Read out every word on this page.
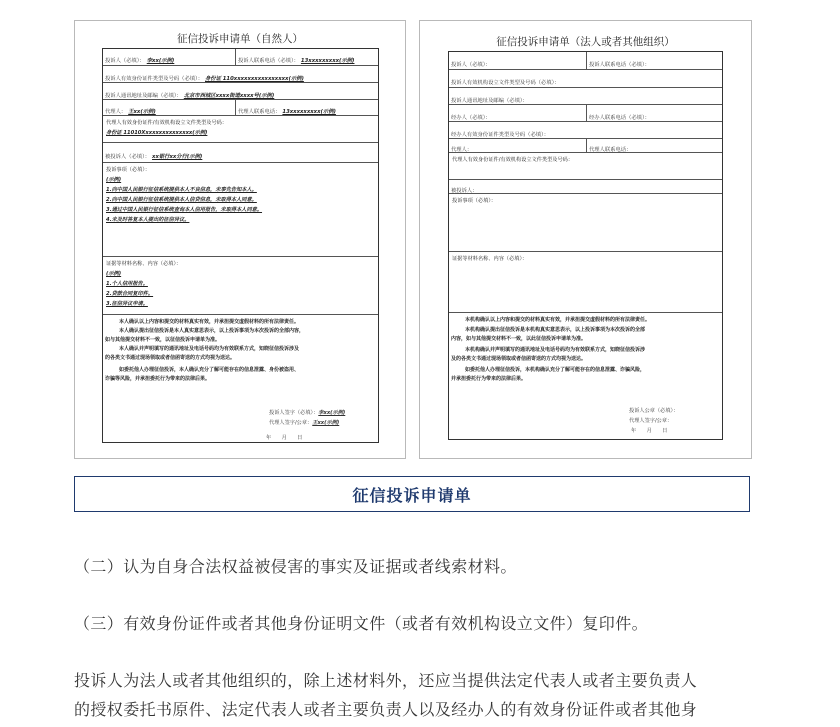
征信投诉申请单（自然人）
投诉人（必填）： 李xx(示例)	投诉人联系电话（必填）： 13xxxxxxxxx(示例)
投诉人有效身份证件类型及号码（必填）： 身份证 110xxxxxxxxxxxxxxxx(示例)
投诉人通讯地址及邮编（必填）： 北京市西城区xxxx街道xxxx号(示例)
代理人： 王xx(示例)	代理人联系电话： 13xxxxxxxxx(示例)
代理人有效身份证件/有效机构设立文件类型及号码：
身份证 11010Xxxxxxxxxxxxxxx(示例)
被投诉人（必填）： xx银行xx分行(示例)
投诉事项（必填）：
(示例)
1.向中国人民银行征信系统提供本人不良信息，未事先告知本人。
2.向中国人民银行征信系统提供本人信贷信息，未取得本人同意。
3.通过中国人民银行征信系统查询本人信用报告，未取得本人同意。
4.未及时答复本人提出的征信异议。
证据等材料名称、内容（必填）：
(示例)
1.个人信用报告。
2.贷款合同复印件。
3.征信异议申请。
本人确认以上内容和提交的材料真实有效，并承担提交虚假材料的所有法律责任。
本人确认提出征信投诉是本人真实意思表示，以上投诉事项为本次投诉的全部内容，
如与其他提交材料不一致，以征信投诉申请单为准。
本人确认并声明填写的通讯地址及电话号码均为有效联系方式，知晓征信投诉涉及
的各类文书通过现场领取或者信函寄送的方式均视为送达。
如委托他人办理征信投诉，本人确认充分了解可能存在的信息泄露、身份被盗用、
诈骗等风险，并承担委托行为带来的法律后果。
投诉人签字（必填）：李xx(示例)
代理人签字/公章：王xx(示例)
年　　月　　日
征信投诉申请单（法人或者其他组织）
投诉人（必填）：	投诉人联系电话（必填）：
投诉人有效机构设立文件类型及号码（必填）：
投诉人通讯地址及邮编（必填）：
经办人（必填）：	经办人联系电话（必填）：
经办人有效身份证件类型及号码（必填）：
代理人：	代理人联系电话：
代理人有效身份证件/有效机构设立文件类型及号码：
被投诉人：
投诉事项（必填）：
证据等材料名称、内容（必填）：
本机构确认以上内容和提交的材料真实有效，并承担提交虚假材料的所有法律责任。
本机构确认提出征信投诉是本机构真实意思表示，以上投诉事项为本次投诉的全部
内容，如与其他提交材料不一致，以此征信投诉申请单为准。
本机构确认并声明填写的通讯地址及电话号码均为有效联系方式，知晓征信投诉涉
及的各类文书通过现场领取或者信函寄送的方式均视为送达。
如委托他人办理征信投诉，本机构确认充分了解可能存在的信息泄露、诈骗风险，
并承担委托行为带来的法律后果。
投诉人公章（必填）：
代理人签字/公章：
年　　月　　日
征信投诉申请单
（二）认为自身合法权益被侵害的事实及证据或者线索材料。
（三）有效身份证件或者其他身份证明文件（或者有效机构设立文件）复印件。
投诉人为法人或者其他组织的，除上述材料外，还应当提供法定代表人或者主要负责人
的授权委托书原件、法定代表人或者主要负责人以及经办人的有效身份证件或者其他身
